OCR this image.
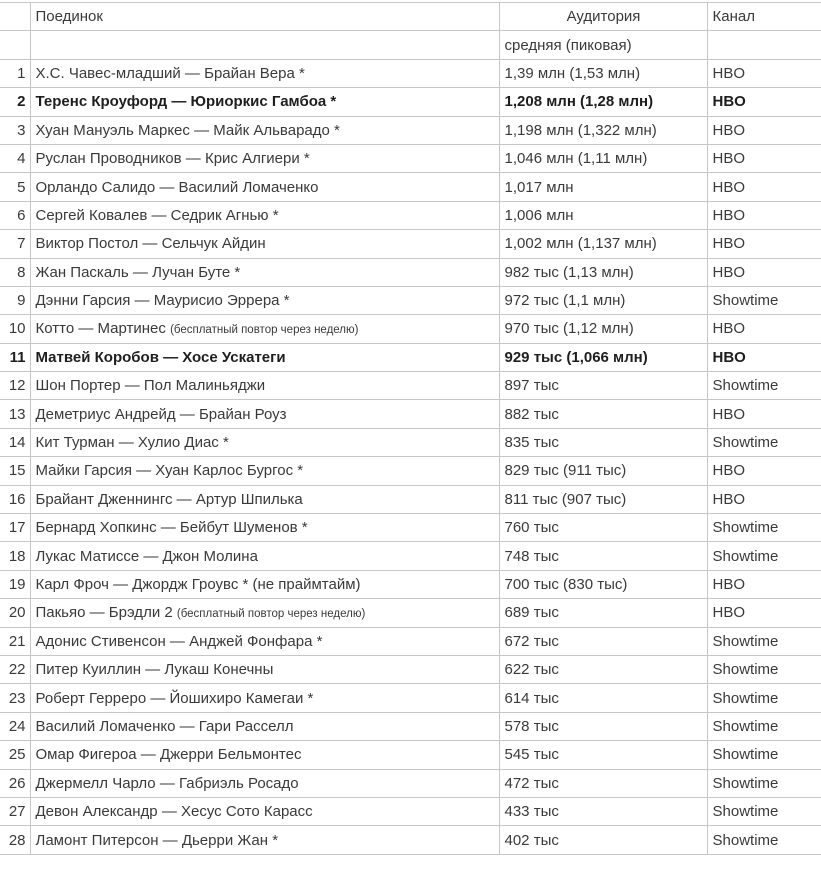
	Поединок	Аудитория	Канал
		средняя (пиковая)	
1	Х.С. Чавес-младший — Брайан Вера *	1,39 млн (1,53 млн)	HBO
2	Теренс Кроуфорд — Юриоркис Гамбоа *	1,208 млн (1,28 млн)	HBO
3	Хуан Мануэль Маркес — Майк Альварадо *	1,198 млн (1,322 млн)	HBO
4	Руслан Проводников — Крис Алгиери *	1,046 млн (1,11 млн)	HBO
5	Орландо Салидо — Василий Ломаченко	1,017 млн	HBO
6	Сергей Ковалев — Седрик Агнью *	1,006 млн	HBO
7	Виктор Постол — Сельчук Айдин	1,002 млн (1,137 млн)	HBO
8	Жан Паскаль — Лучан Буте *	982 тыс (1,13 млн)	HBO
9	Дэнни Гарсия — Маурисио Эррера *	972 тыс (1,1 млн)	Showtime
10	Котто — Мартинес (бесплатный повтор через неделю)	970 тыс (1,12 млн)	HBO
11	Матвей Коробов — Хосе Ускатеги	929 тыс (1,066 млн)	HBO
12	Шон Портер — Пол Малиньяджи	897 тыс	Showtime
13	Деметриус Андрейд — Брайан Роуз	882 тыс	HBO
14	Кит Турман — Хулио Диас *	835 тыс	Showtime
15	Майки Гарсия — Хуан Карлос Бургос *	829 тыс (911 тыс)	HBO
16	Брайант Дженнингс — Артур Шпилька	811 тыс (907 тыс)	HBO
17	Бернард Хопкинс — Бейбут Шуменов *	760 тыс	Showtime
18	Лукас Матиссе — Джон Молина	748 тыс	Showtime
19	Карл Фроч — Джордж Гроувс * (не праймтайм)	700 тыс (830 тыс)	HBO
20	Пакьяо — Брэдли 2 (бесплатный повтор через неделю)	689 тыс	HBO
21	Адонис Стивенсон — Анджей Фонфара *	672 тыс	Showtime
22	Питер Куиллин — Лукаш Конечны	622 тыс	Showtime
23	Роберт Герреро — Йошихиро Камегаи *	614 тыс	Showtime
24	Василий Ломаченко — Гари Расселл	578 тыс	Showtime
25	Омар Фигероа — Джерри Бельмонтес	545 тыс	Showtime
26	Джермелл Чарло — Габриэль Росадо	472 тыс	Showtime
27	Девон Александр — Хесус Сото Карасс	433 тыс	Showtime
28	Ламонт Питерсон — Дьерри Жан *	402 тыс	Showtime
